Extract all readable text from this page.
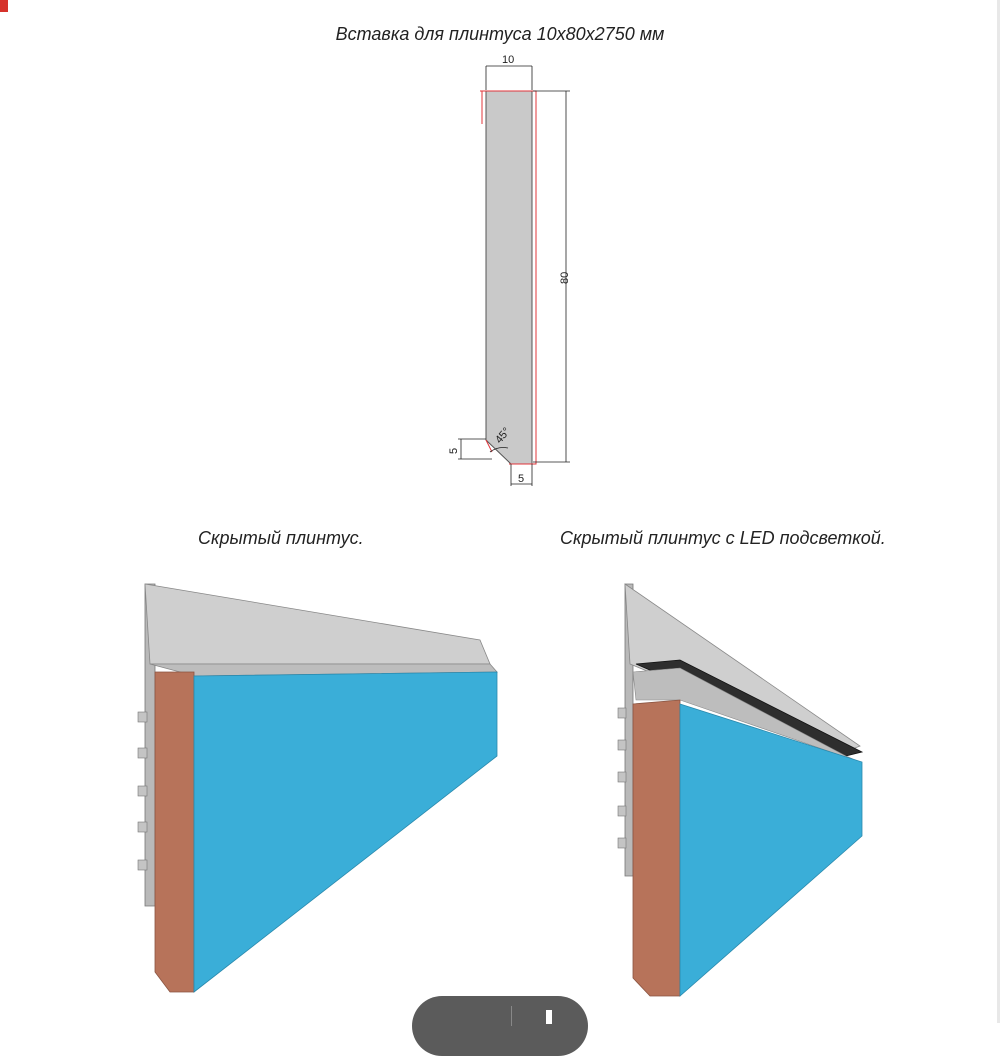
Вставка для плинтуса 10x80x2750 мм
10
80
5
5
45°
Скрытый плинтус.	Скрытый плинтус с LED подсветкой.
